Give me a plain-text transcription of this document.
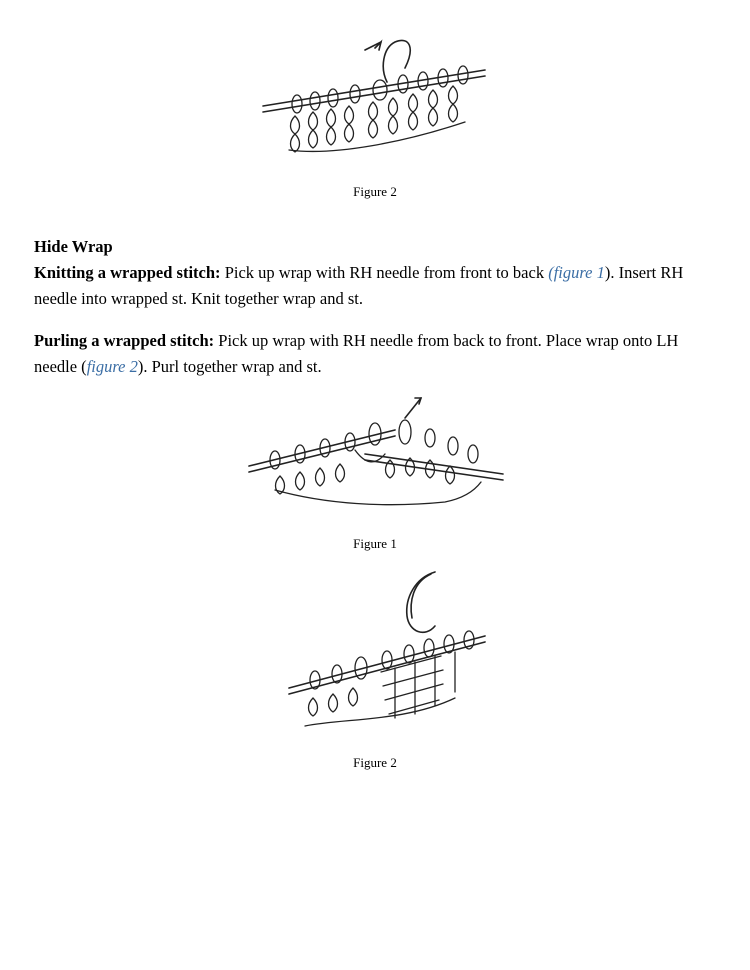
Figure 2

Hide Wrap

Knitting a wrapped stitch: Pick up wrap with RH needle from front to back (figure 1). Insert RH needle into wrapped st. Knit together wrap and st.

Purling a wrapped stitch: Pick up wrap with RH needle from back to front. Place wrap onto LH needle (figure 2). Purl together wrap and st.

Figure 1
Figure 2
